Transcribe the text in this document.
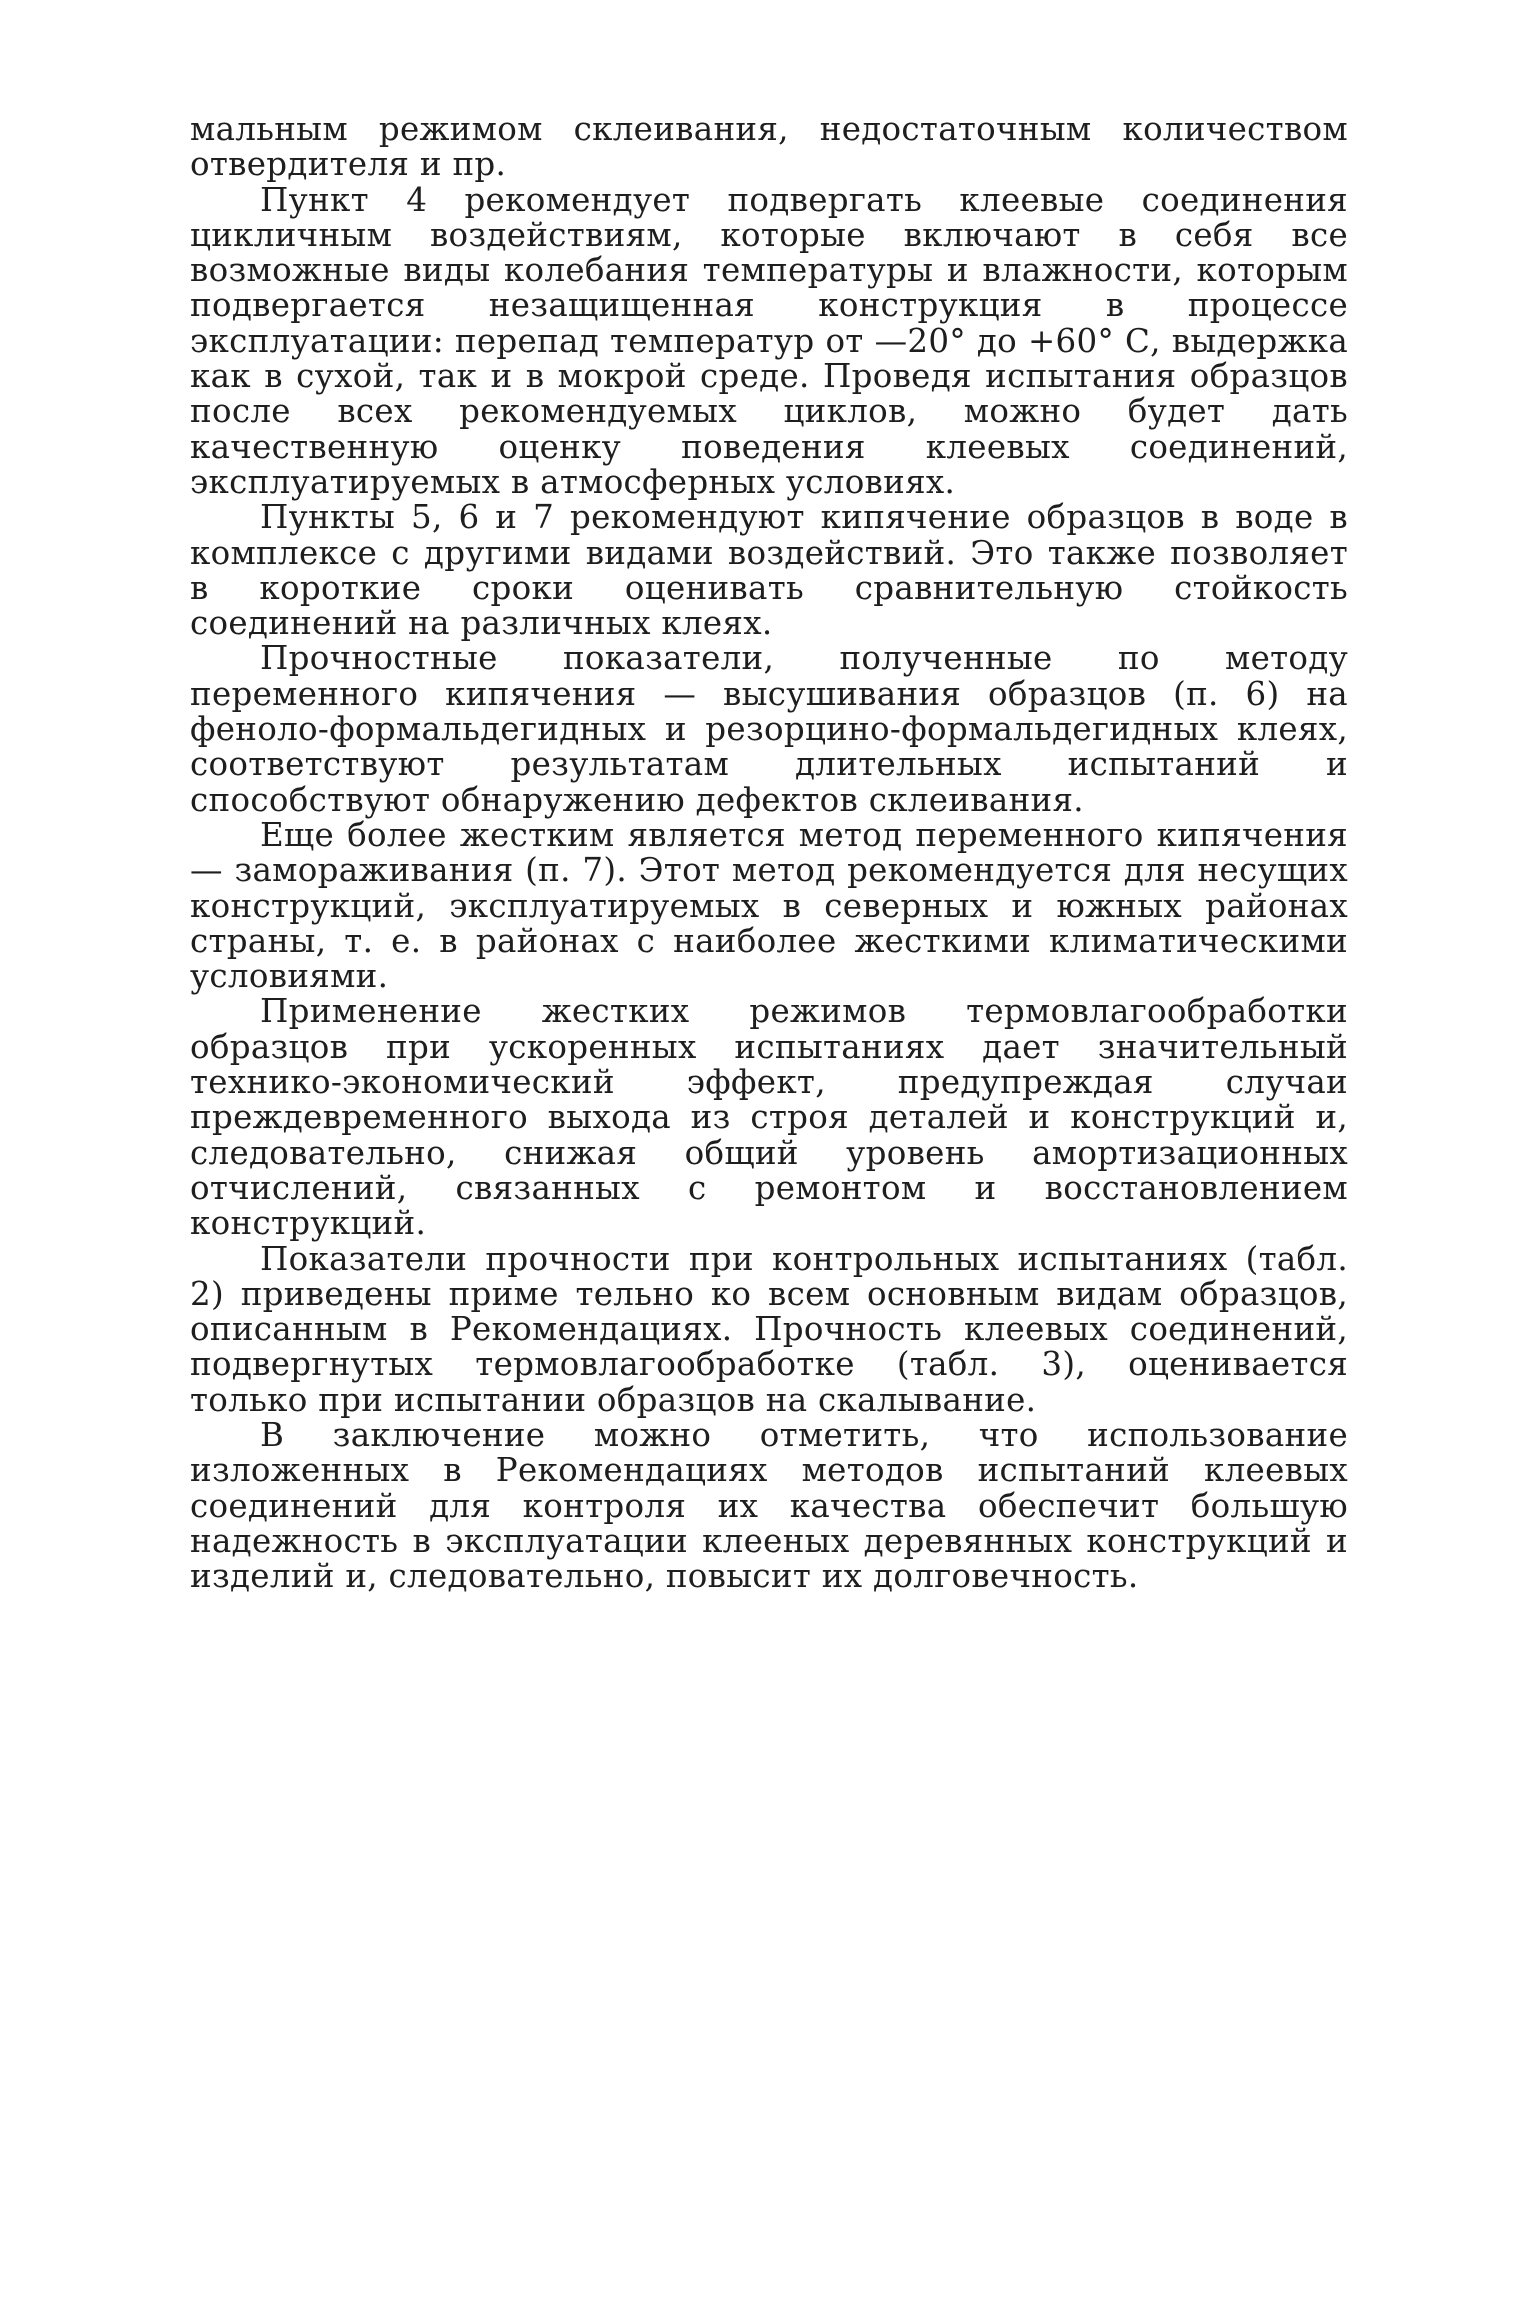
мальным режимом склеивания, недостаточным количеством отвердителя и пр.

Пункт 4 рекомендует подвергать клеевые соединения цикличным воздействиям, которые включают в себя все возможные виды колебания температуры и влажности, которым подвергается незащищенная конструкция в процессе эксплуатации: перепад температур от —20° до +60° С, выдержка как в сухой, так и в мокрой среде. Проведя испытания образцов после всех рекомендуемых циклов, можно будет дать качественную оценку поведения клеевых соединений, эксплуатируемых в атмосферных условиях.

Пункты 5, 6 и 7 рекомендуют кипячение образцов в воде в комплексе с другими видами воздействий. Это также позволяет в короткие сроки оценивать сравнительную стойкость соединений на различных клеях.

Прочностные показатели, полученные по методу переменного кипячения — высушивания образцов (п. 6) на феноло-формальдегидных и резорцино-формальдегидных клеях, соответствуют результатам длительных испытаний и способствуют обнаружению дефектов склеивания.

Еще более жестким является метод переменного кипячения — замораживания (п. 7). Этот метод рекомендуется для несущих конструкций, эксплуатируемых в северных и южных районах страны, т. е. в районах с наиболее жесткими климатическими условиями.

Применение жестких режимов термовлагообработки образцов при ускоренных испытаниях дает значительный технико-экономический эффект, предупреждая случаи преждевременного выхода из строя деталей и конструкций и, следовательно, снижая общий уровень амортизационных отчислений, связанных с ремонтом и восстановлением конструкций.

Показатели прочности при контрольных испытаниях (табл. 2) приведены приме тельно ко всем основным видам образцов, описанным в Рекомендациях. Прочность клеевых соединений, подвергнутых термовлагообработке (табл. 3), оценивается только при испытании образцов на скалывание.

В заключение можно отметить, что использование изложенных в Рекомендациях методов испытаний клеевых соединений для контроля их качества обеспечит большую надежность в эксплуатации клееных деревянных конструкций и изделий и, следовательно, повысит их долговечность.
